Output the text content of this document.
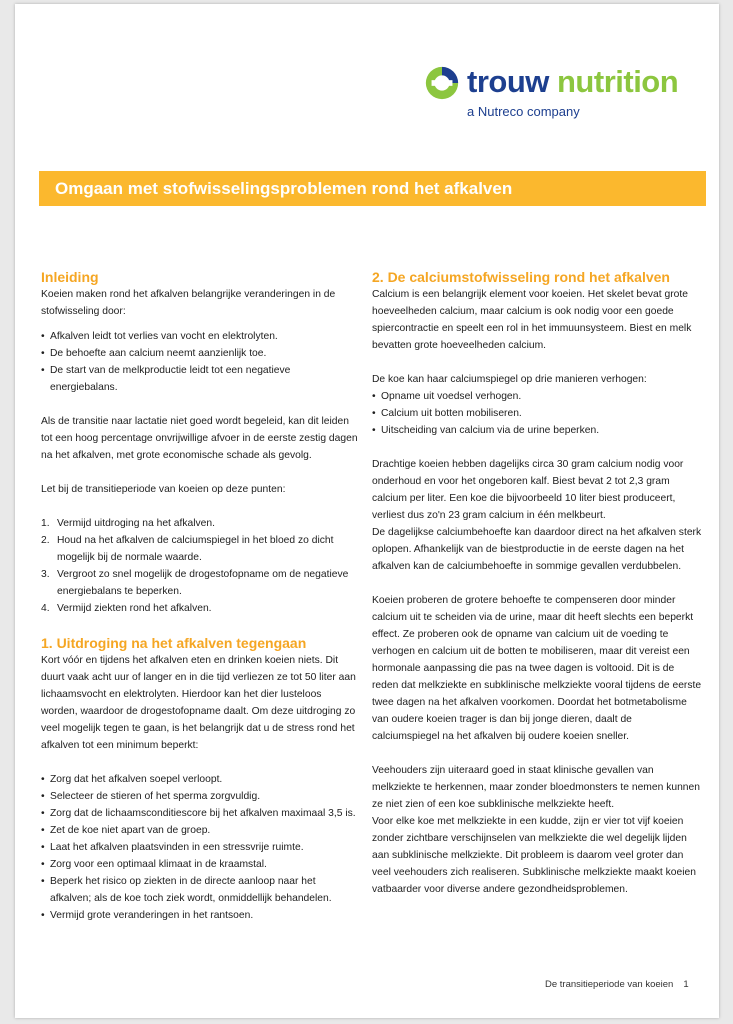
trouw nutrition
a Nutreco company
Omgaan met stofwisselingsproblemen rond het afkalven
Inleiding

Koeien maken rond het afkalven belangrijke veranderingen in de stofwisseling door:

• Afkalven leidt tot verlies van vocht en elektrolyten.
• De behoefte aan calcium neemt aanzienlijk toe.
• De start van de melkproductie leidt tot een negatieve energiebalans.

Als de transitie naar lactatie niet goed wordt begeleid, kan dit leiden tot een hoog percentage onvrijwillige afvoer in de eerste zestig dagen na het afkalven, met grote economische schade als gevolg.

Let bij de transitieperiode van koeien op deze punten:

1. Vermijd uitdroging na het afkalven.
2. Houd na het afkalven de calciumspiegel in het bloed zo dicht mogelijk bij de normale waarde.
3. Vergroot zo snel mogelijk de drogestofopname om de negatieve energiebalans te beperken.
4. Vermijd ziekten rond het afkalven.
1. Uitdroging na het afkalven tegengaan

Kort vóór en tijdens het afkalven eten en drinken koeien niets. Dit duurt vaak acht uur of langer en in die tijd verliezen ze tot 50 liter aan lichaamsvocht en elektrolyten. Hierdoor kan het dier lusteloos worden, waardoor de drogestofopname daalt. Om deze uitdroging zo veel mogelijk tegen te gaan, is het belangrijk dat u de stress rond het afkalven tot een minimum beperkt:

• Zorg dat het afkalven soepel verloopt.
• Selecteer de stieren of het sperma zorgvuldig.
• Zorg dat de lichaamsconditiescore bij het afkalven maximaal 3,5 is.
• Zet de koe niet apart van de groep.
• Laat het afkalven plaatsvinden in een stressvrije ruimte.
• Zorg voor een optimaal klimaat in de kraamstal.
• Beperk het risico op ziekten in de directe aanloop naar het afkalven; als de koe toch ziek wordt, onmiddellijk behandelen.
• Vermijd grote veranderingen in het rantsoen.
2. De calciumstofwisseling rond het afkalven

Calcium is een belangrijk element voor koeien. Het skelet bevat grote hoeveelheden calcium, maar calcium is ook nodig voor een goede spiercontractie en speelt een rol in het immuunsysteem. Biest en melk bevatten grote hoeveelheden calcium.

De koe kan haar calciumspiegel op drie manieren verhogen:

• Opname uit voedsel verhogen.
• Calcium uit botten mobiliseren.
• Uitscheiding van calcium via de urine beperken.

Drachtige koeien hebben dagelijks circa 30 gram calcium nodig voor onderhoud en voor het ongeboren kalf. Biest bevat 2 tot 2,3 gram calcium per liter. Een koe die bijvoorbeeld 10 liter biest produceert, verliest dus zo'n 23 gram calcium in één melkbeurt.

De dagelijkse calciumbehoefte kan daardoor direct na het afkalven sterk oplopen. Afhankelijk van de biestproductie in de eerste dagen na het afkalven kan de calciumbehoefte in sommige gevallen verdubbelen.

Koeien proberen de grotere behoefte te compenseren door minder calcium uit te scheiden via de urine, maar dit heeft slechts een beperkt effect. Ze proberen ook de opname van calcium uit de voeding te verhogen en calcium uit de botten te mobiliseren, maar dit vereist een hormonale aanpassing die pas na twee dagen is voltooid. Dit is de reden dat melkziekte en subklinische melkziekte vooral tijdens de eerste twee dagen na het afkalven voorkomen. Doordat het botmetabolisme van oudere koeien trager is dan bij jonge dieren, daalt de calciumspiegel na het afkalven bij oudere koeien sneller.

Veehouders zijn uiteraard goed in staat klinische gevallen van melkziekte te herkennen, maar zonder bloedmonsters te nemen kunnen ze niet zien of een koe subklinische melkziekte heeft.

Voor elke koe met melkziekte in een kudde, zijn er vier tot vijf koeien zonder zichtbare verschijnselen van melkziekte die wel degelijk lijden aan subklinische melkziekte. Dit probleem is daarom veel groter dan veel veehouders zich realiseren. Subklinische melkziekte maakt koeien vatbaarder voor diverse andere gezondheidsproblemen.

De transitieperiode van koeien 1
